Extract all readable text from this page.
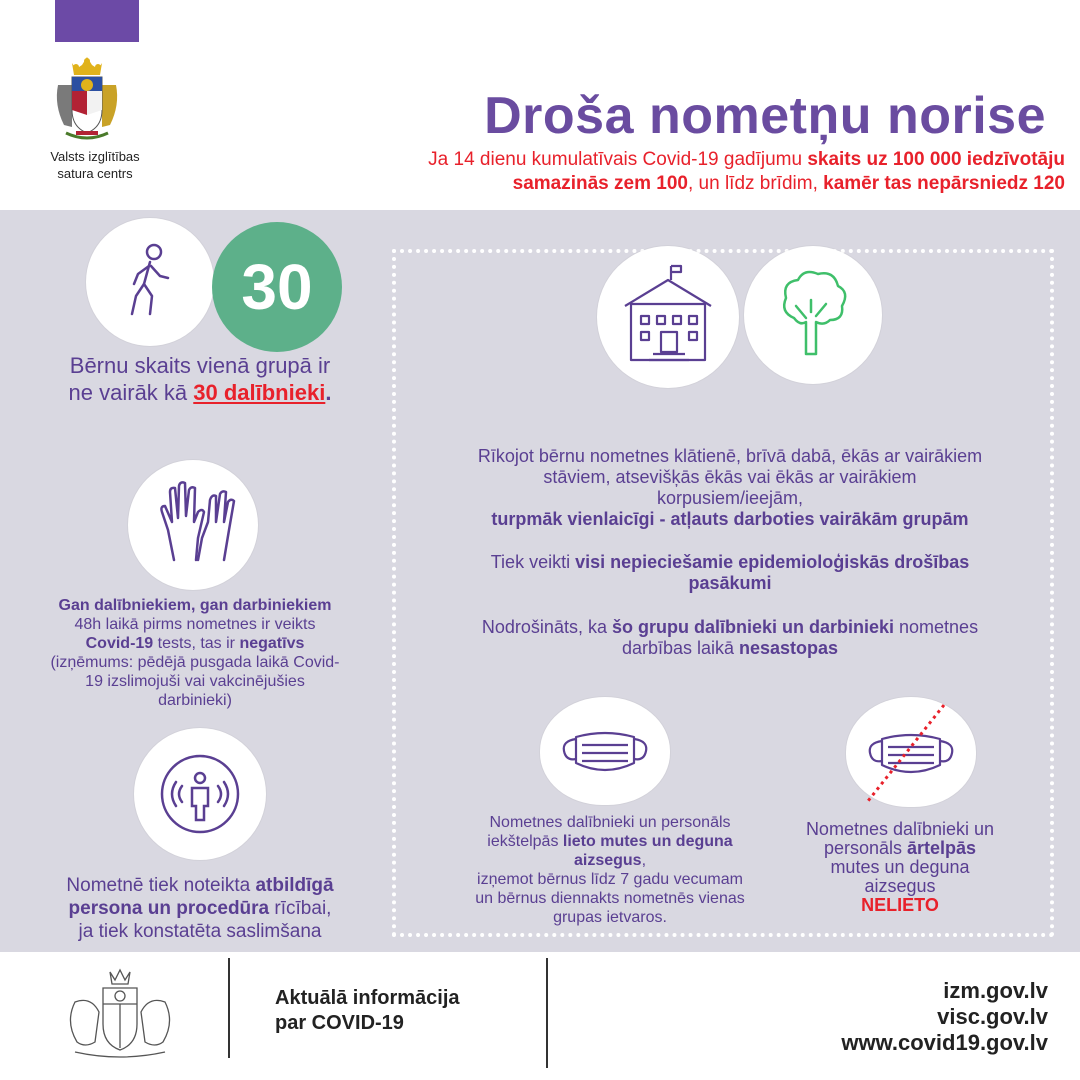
Valsts izglītības
satura centrs
Droša nometņu norise
Ja 14 dienu kumulatīvais Covid-19 gadījumu skaits uz 100 000 iedzīvotāju
samazinās zem 100, un līdz brīdim, kamēr tas nepārsniedz 120
30
Bērnu skaits vienā grupā ir
ne vairāk kā 30 dalībnieki.
Gan dalībniekiem, gan darbiniekiem
48h laikā pirms nometnes ir veikts
Covid-19 tests, tas ir negatīvs
(izņēmums: pēdējā pusgada laikā Covid-
19 izslimojuši vai vakcinējušies
darbinieki)
Nometnē tiek noteikta atbildīgā
persona un procedūra rīcībai,
ja tiek konstatēta saslimšana
Rīkojot bērnu nometnes klātienē, brīvā dabā, ēkās ar vairākiem
stāviem, atsevišķās ēkās vai ēkās ar vairākiem
korpusiem/ieejām,
turpmāk vienlaicīgi - atļauts darboties vairākām grupām
Tiek veikti visi nepieciešamie epidemioloģiskās drošības
pasākumi
Nodrošināts, ka šo grupu dalībnieki un darbinieki nometnes
darbības laikā nesastopas
Nometnes dalībnieki un personāls
iekštelpās lieto mutes un deguna
aizsegus,
izņemot bērnus līdz 7 gadu vecumam
un bērnus diennakts nometnēs vienas
grupas ietvaros.
Nometnes dalībnieki un
personāls ārtelpās
mutes un deguna
aizsegus
NELIETO
Aktuālā informācija
par COVID-19
izm.gov.lv
visc.gov.lv
www.covid19.gov.lv
